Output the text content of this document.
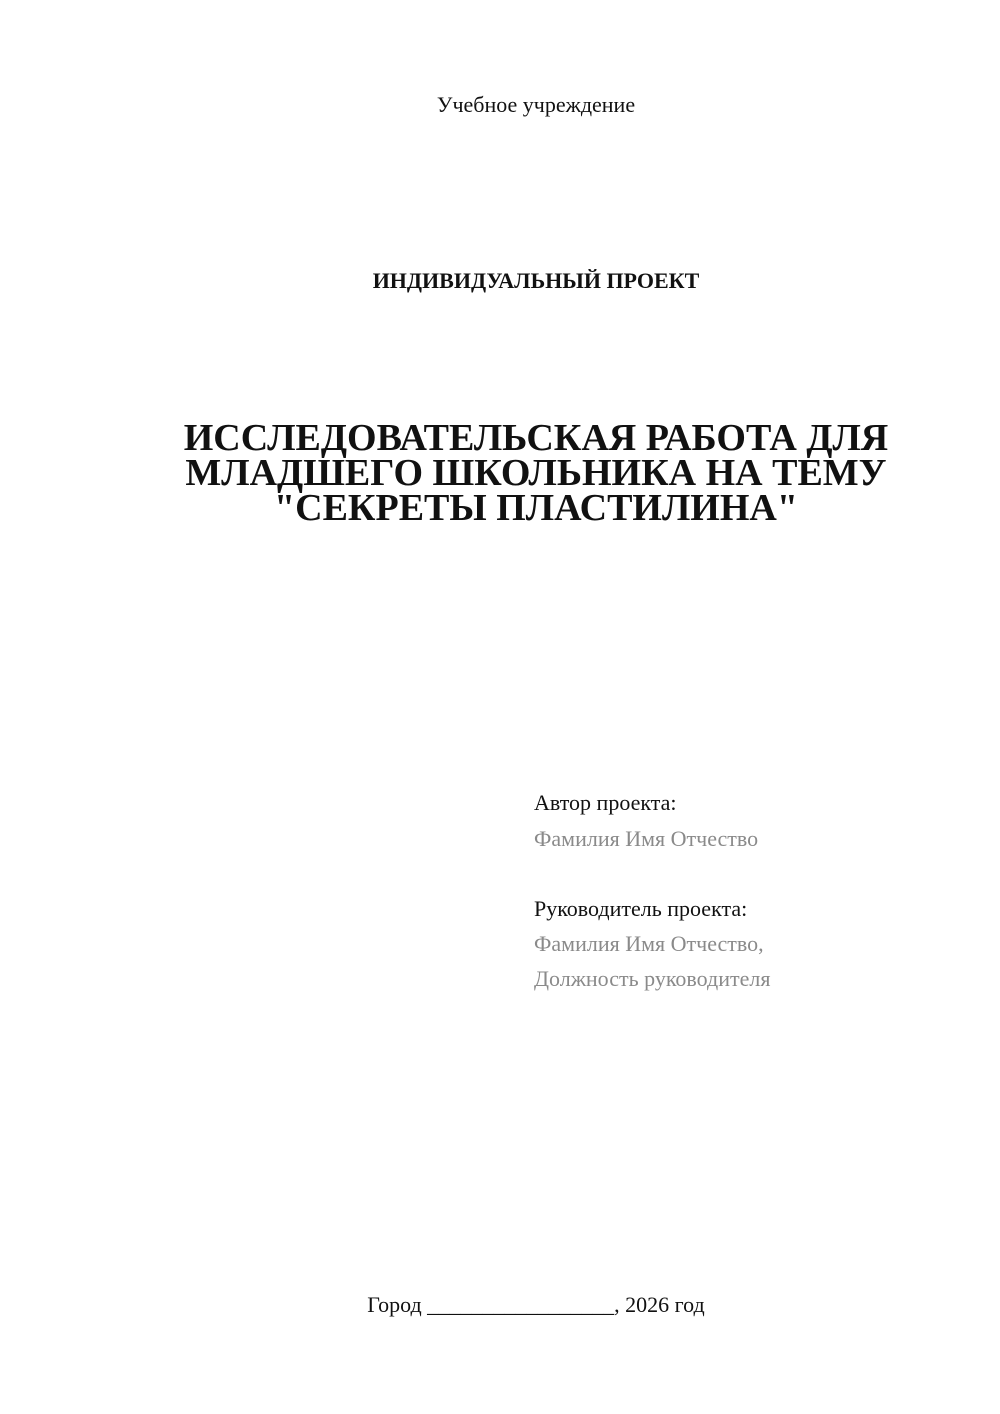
Учебное учреждение
ИНДИВИДУАЛЬНЫЙ ПРОЕКТ
ИССЛЕДОВАТЕЛЬСКАЯ РАБОТА ДЛЯ
МЛАДШЕГО ШКОЛЬНИКА НА ТЕМУ
"СЕКРЕТЫ ПЛАСТИЛИНА"
Автор проекта:
Фамилия Имя Отчество
Руководитель проекта:
Фамилия Имя Отчество,
Должность руководителя
Город _________________, 2026 год
